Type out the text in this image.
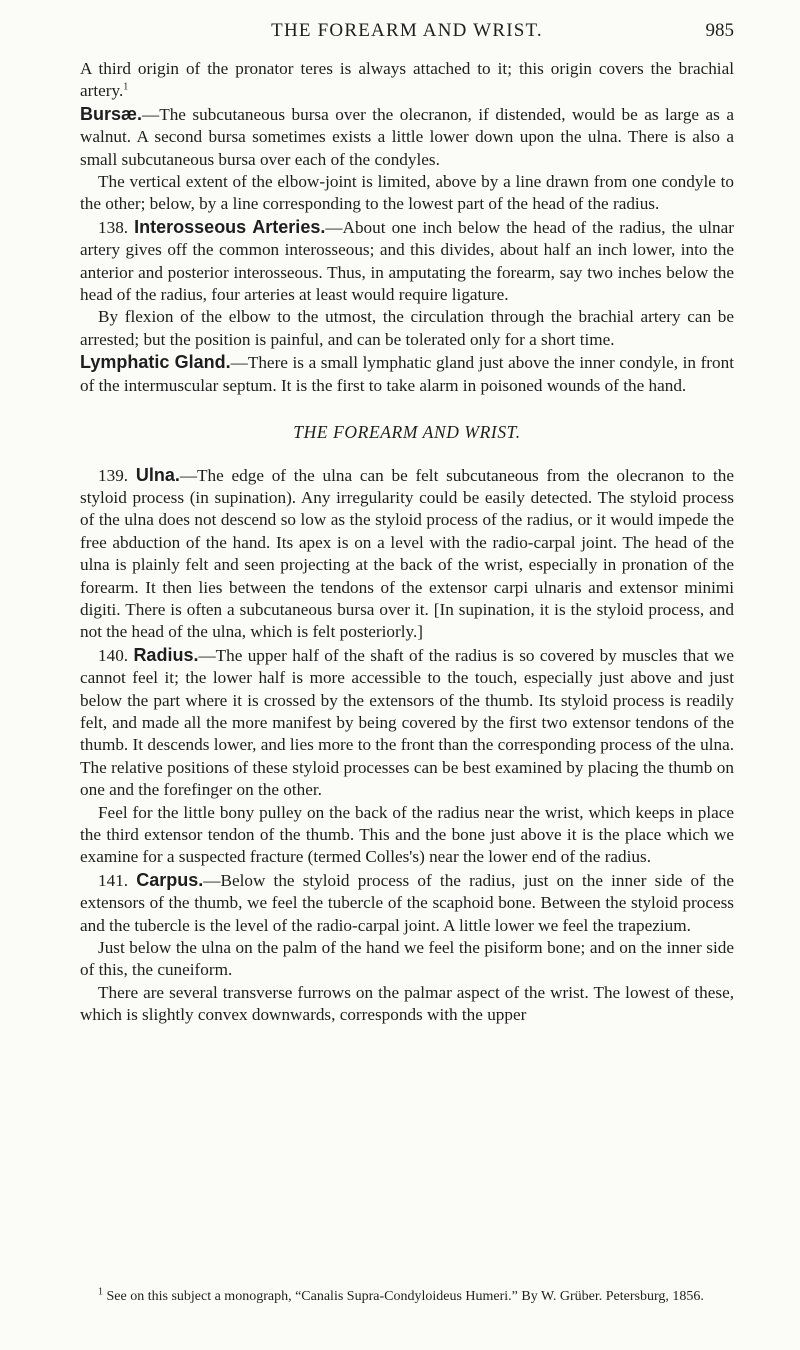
THE FOREARM AND WRIST.	985

A third origin of the pronator teres is always attached to it; this origin covers the brachial artery.$^1$

Bursæ.—The subcutaneous bursa over the olecranon, if distended, would be as large as a walnut. A second bursa sometimes exists a little lower down upon the ulna. There is also a small subcutaneous bursa over each of the condyles.

The vertical extent of the elbow-joint is limited, above by a line drawn from one condyle to the other; below, by a line corresponding to the lowest part of the head of the radius.

138. Interosseous Arteries.—About one inch below the head of the radius, the ulnar artery gives off the common interosseous; and this divides, about half an inch lower, into the anterior and posterior interosseous. Thus, in amputating the forearm, say two inches below the head of the radius, four arteries at least would require ligature.

By flexion of the elbow to the utmost, the circulation through the brachial artery can be arrested; but the position is painful, and can be tolerated only for a short time.

Lymphatic Gland.—There is a small lymphatic gland just above the inner condyle, in front of the intermuscular septum. It is the first to take alarm in poisoned wounds of the hand.

THE FOREARM AND WRIST.

139. Ulna.—The edge of the ulna can be felt subcutaneous from the olecranon to the styloid process (in supination). Any irregularity could be easily detected. The styloid process of the ulna does not descend so low as the styloid process of the radius, or it would impede the free abduction of the hand. Its apex is on a level with the radio-carpal joint. The head of the ulna is plainly felt and seen projecting at the back of the wrist, especially in pronation of the forearm. It then lies between the tendons of the extensor carpi ulnaris and extensor minimi digiti. There is often a subcutaneous bursa over it. [In supination, it is the styloid process, and not the head of the ulna, which is felt posteriorly.]

140. Radius.—The upper half of the shaft of the radius is so covered by muscles that we cannot feel it; the lower half is more accessible to the touch, especially just above and just below the part where it is crossed by the extensors of the thumb. Its styloid process is readily felt, and made all the more manifest by being covered by the first two extensor tendons of the thumb. It descends lower, and lies more to the front than the corresponding process of the ulna. The relative positions of these styloid processes can be best examined by placing the thumb on one and the forefinger on the other.

Feel for the little bony pulley on the back of the radius near the wrist, which keeps in place the third extensor tendon of the thumb. This and the bone just above it is the place which we examine for a suspected fracture (termed Colles's) near the lower end of the radius.

141. Carpus.—Below the styloid process of the radius, just on the inner side of the extensors of the thumb, we feel the tubercle of the scaphoid bone. Between the styloid process and the tubercle is the level of the radio-carpal joint. A little lower we feel the trapezium.

Just below the ulna on the palm of the hand we feel the pisiform bone; and on the inner side of this, the cuneiform.

There are several transverse furrows on the palmar aspect of the wrist. The lowest of these, which is slightly convex downwards, corresponds with the upper

$^1$ See on this subject a monograph, “Canalis Supra-Condyloideus Humeri.” By W. Grüber. Petersburg, 1856.
